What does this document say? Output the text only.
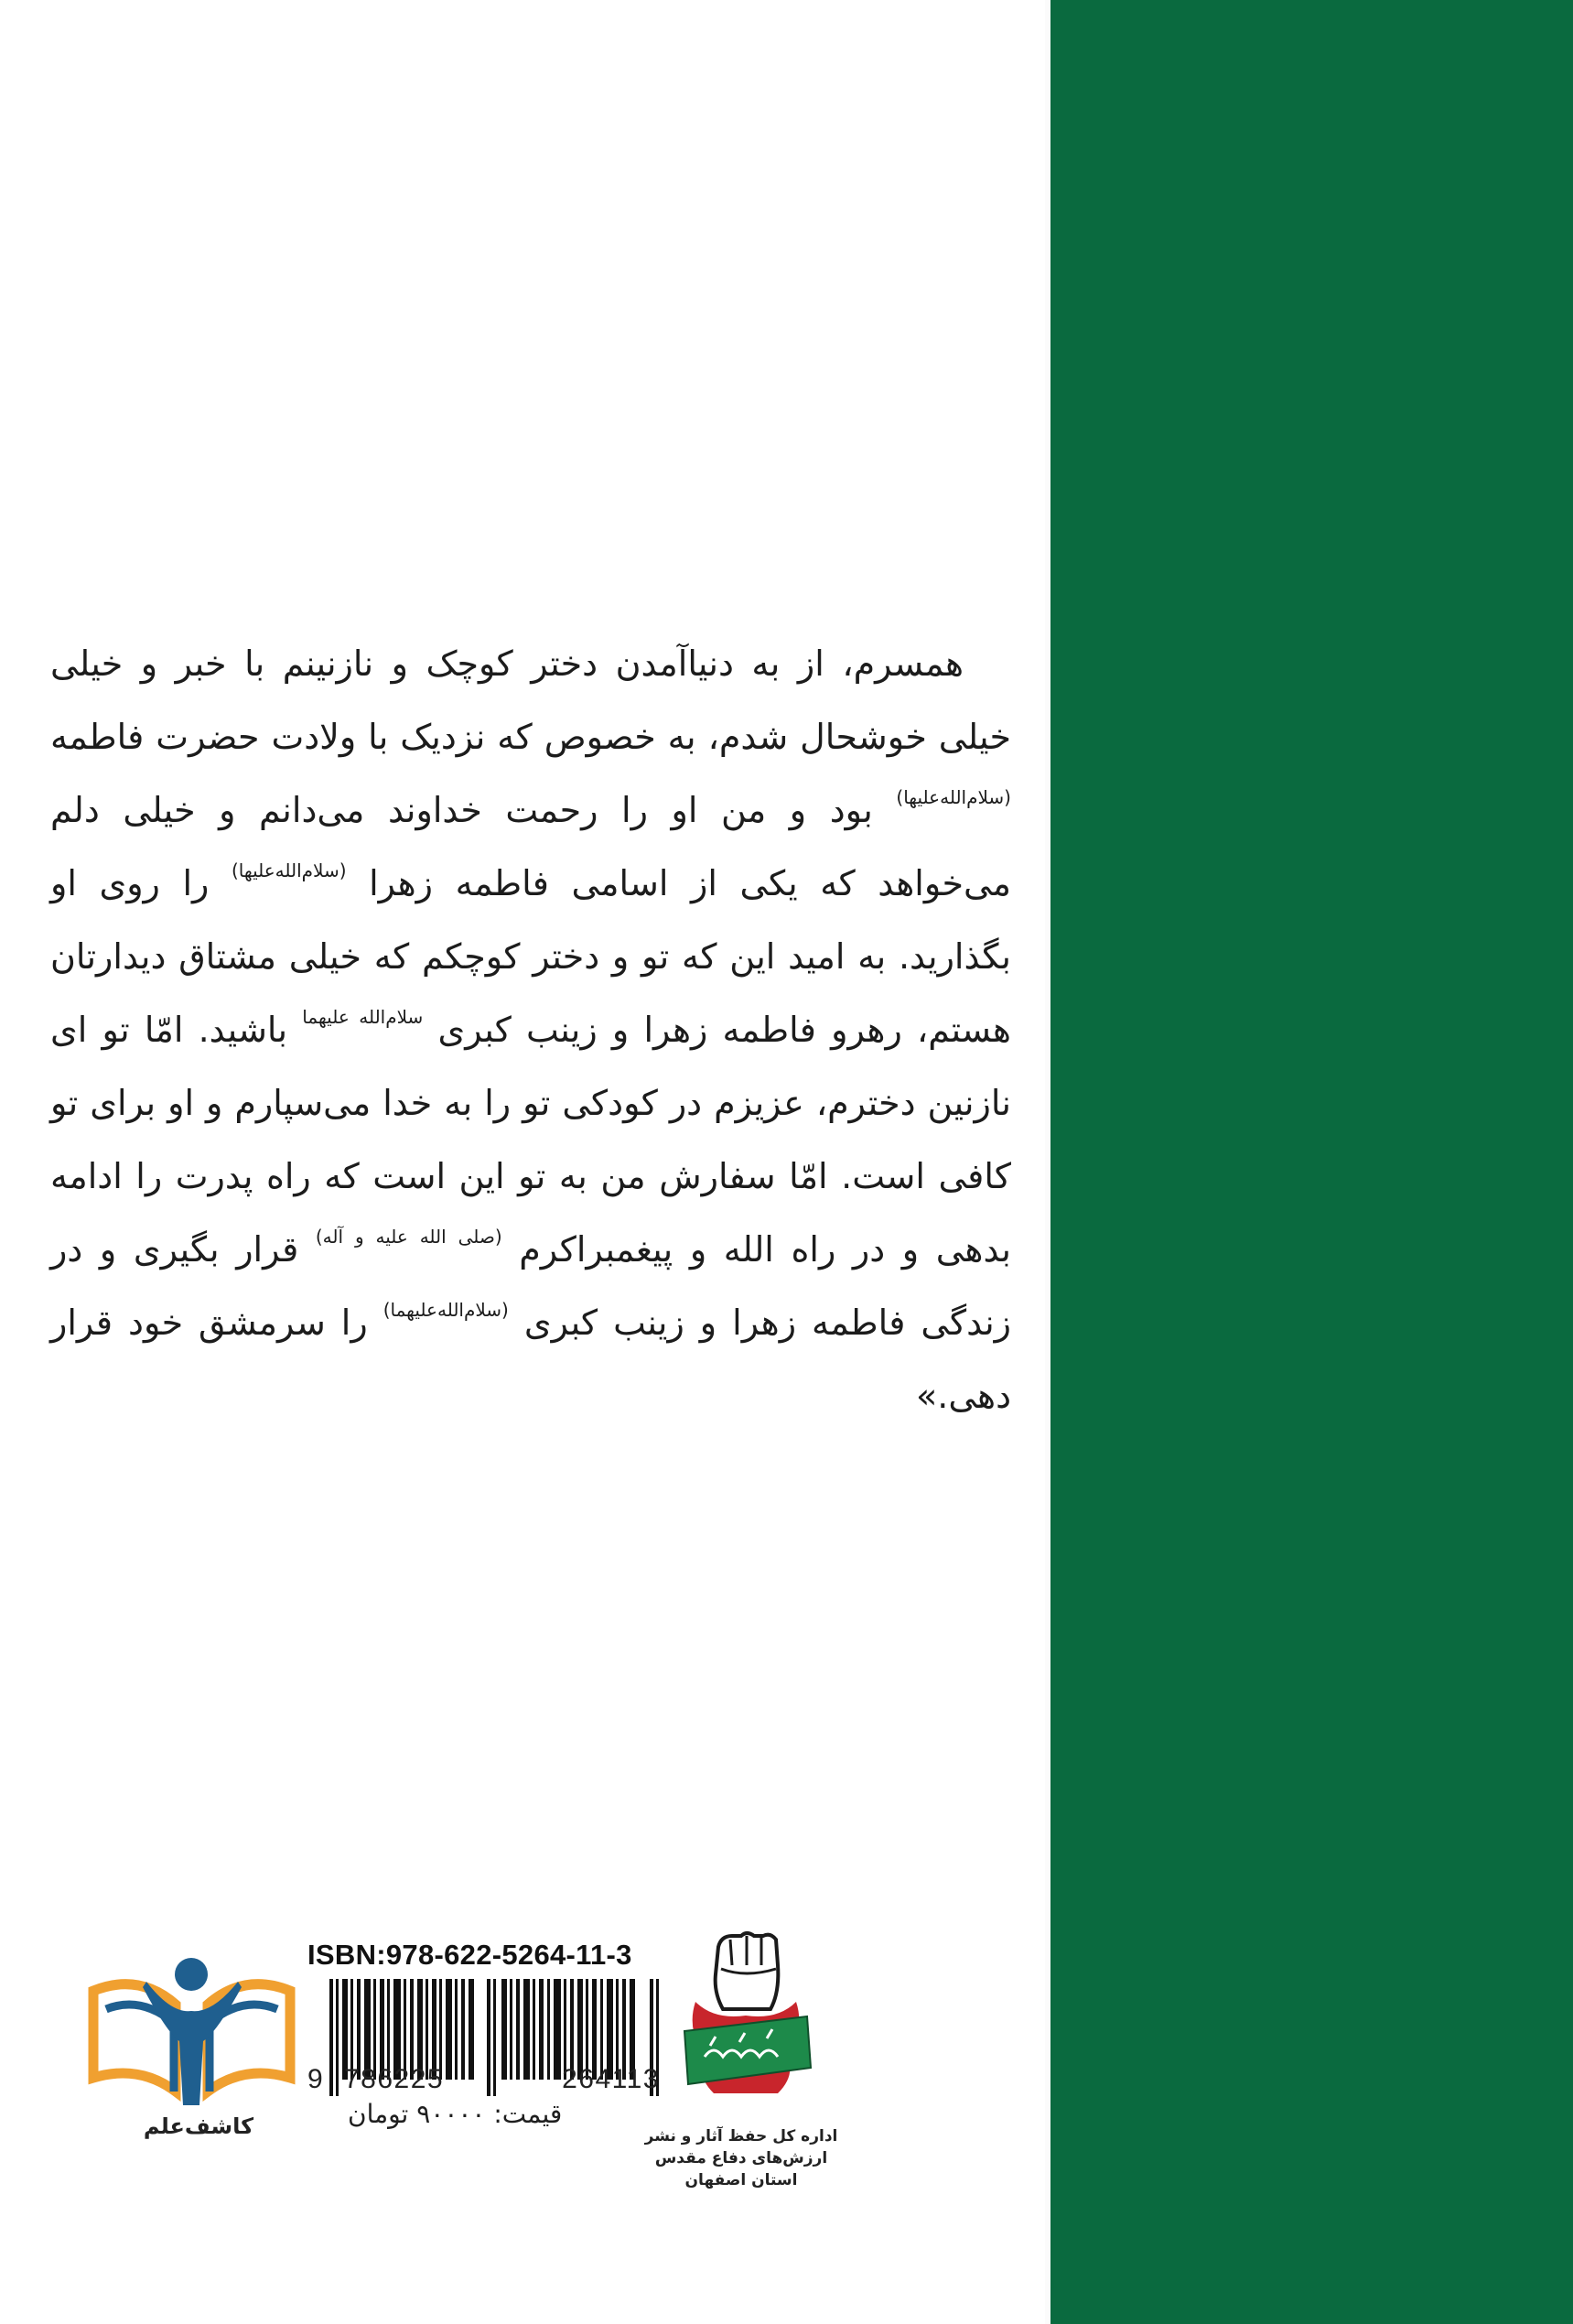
همسرم، از به دنیاآمدن دختر کوچک و نازنینم با خبر و خیلی خیلی خوشحال شدم، به خصوص که نزدیک با ولادت حضرت فاطمه $^{(سلام‌الله‌علیها)}$ بود و من او را رحمت خداوند می‌دانم و خیلی دلم می‌خواهد که یکی از اسامی فاطمه زهرا $^{(سلام‌الله‌علیها)}$ را روی او بگذارید. به امید این که تو و دختر کوچکم که خیلی مشتاق دیدارتان هستم، رهرو فاطمه زهرا و زینب کبری $^{سلام‌الله علیهما}$ باشید. امّا تو ای نازنین دخترم، عزیزم در کودکی تو را به خدا می‌سپارم و او برای تو کافی است. امّا سفارش من به تو این است که راه پدرت را ادامه بدهی و در راه الله و پیغمبراکرم $^{(صلی الله علیه و آله)}$ قرار بگیری و در زندگی فاطمه زهرا و زینب کبری $^{(سلام‌الله‌علیهما)}$ را سرمشق خود قرار دهی.»

کاشف‌علم
ISBN:978-622-5264-11-3
9 786225	264113
قیمت: ۹۰۰۰۰ تومان
اداره کل حفظ آثار و نشر
ارزش‌های دفاع مقدس
استان اصفهان
